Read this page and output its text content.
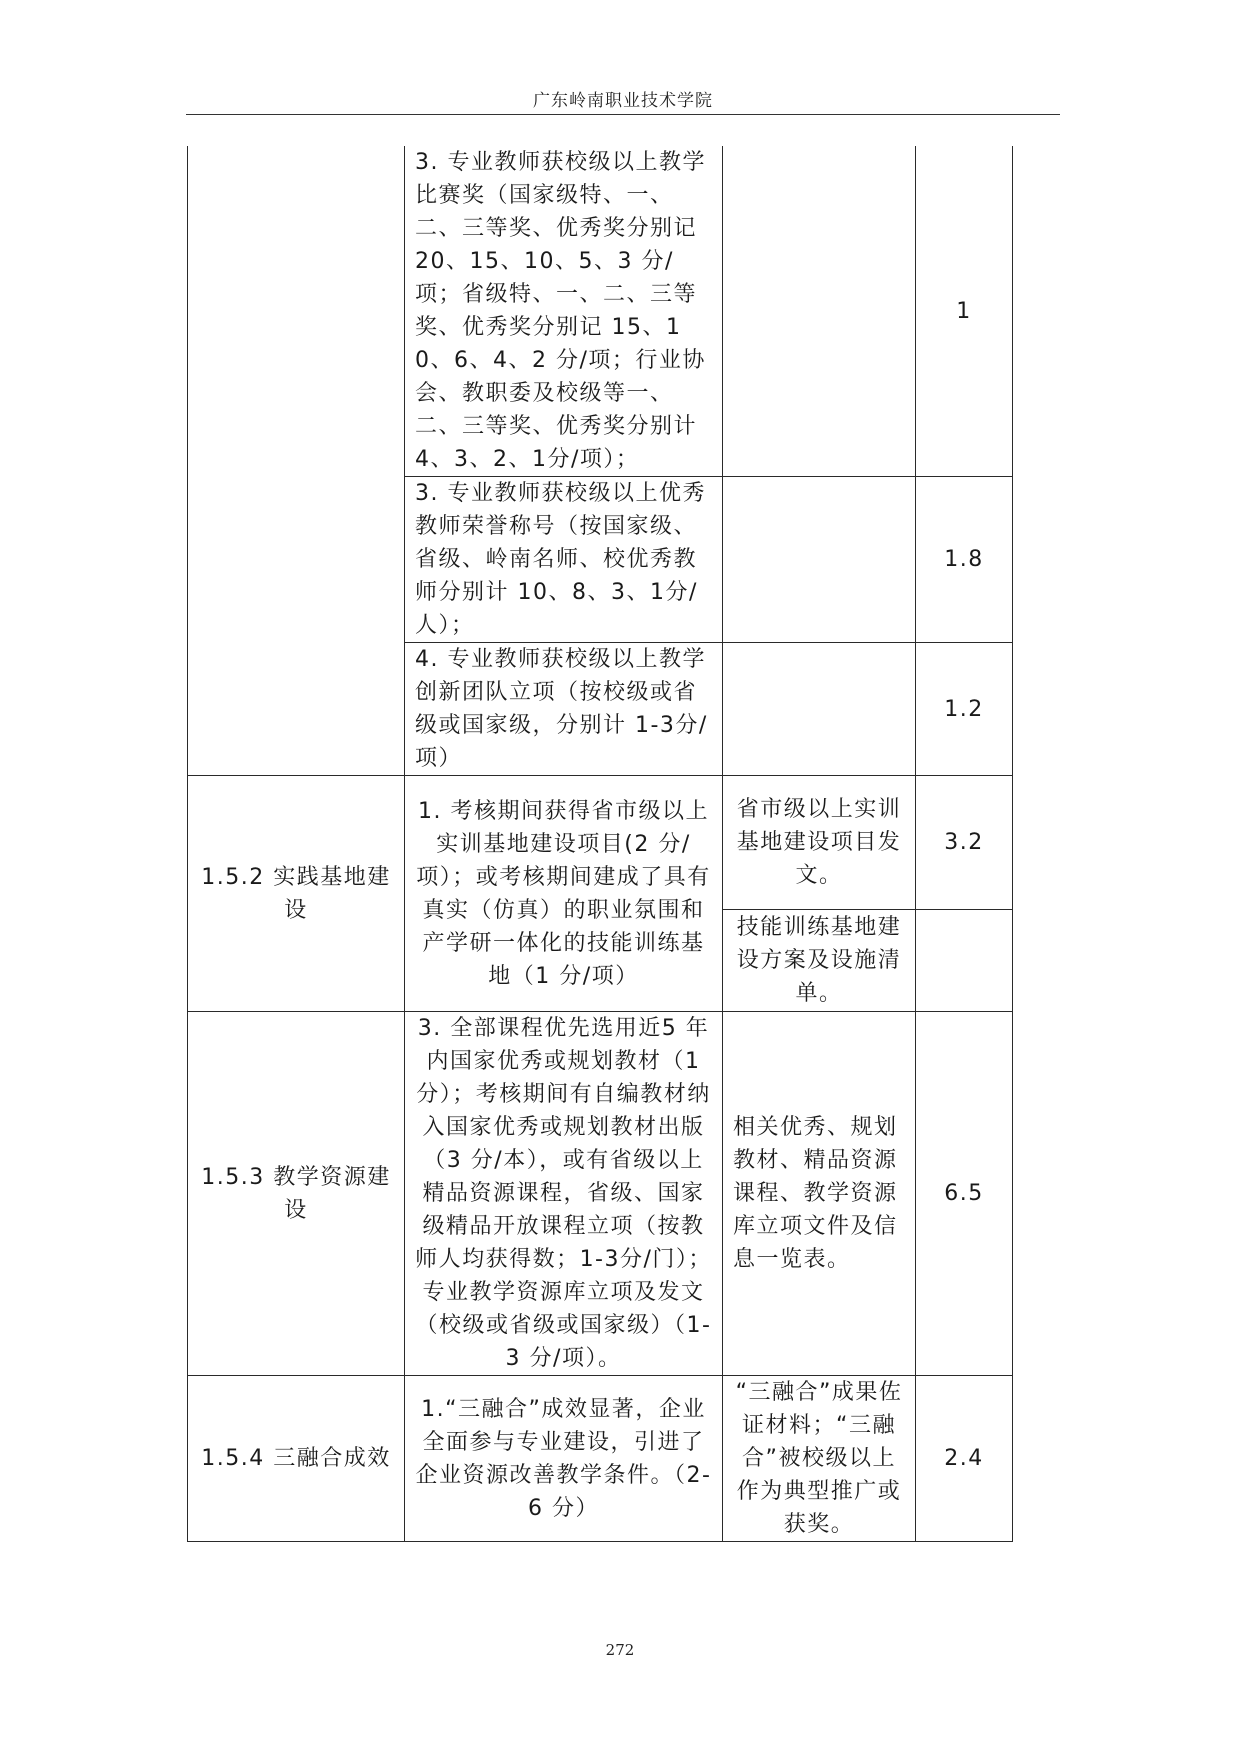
广东岭南职业技术学院
	3. 专业教师获校级以上教学比赛奖（国家级特、一、二、三等奖、优秀奖分别记20、15、10、5、3 分/项；省级特、一、二、三等奖、优秀奖分别记 15、10、6、4、2 分/项；行业协会、教职委及校级等一、二、三等奖、优秀奖分别计 4、3、2、1分/项）；		1
	3. 专业教师获校级以上优秀教师荣誉称号（按国家级、省级、岭南名师、校优秀教师分别计 10、8、3、1分/人）；		1.8
	4. 专业教师获校级以上教学创新团队立项（按校级或省级或国家级，分别计 1-3分/项）		1.2
1.5.2 实践基地建设	1. 考核期间获得省市级以上实训基地建设项目(2 分/项）；或考核期间建成了具有真实（仿真）的职业氛围和产学研一体化的技能训练基地（1 分/项）	省市级以上实训基地建设项目发文。	3.2
		技能训练基地建设方案及设施清单。	
1.5.3 教学资源建设	3. 全部课程优先选用近5 年内国家优秀或规划教材（1分）；考核期间有自编教材纳入国家优秀或规划教材出版（3 分/本），或有省级以上精品资源课程，省级、国家级精品开放课程立项（按教师人均获得数；1-3分/门）；专业教学资源库立项及发文（校级或省级或国家级）（1-3 分/项）。	相关优秀、规划教材、精品资源课程、教学资源库立项文件及信息一览表。	6.5
1.5.4 三融合成效	1.“三融合”成效显著，企业全面参与专业建设，引进了企业资源改善教学条件。（2-6 分）	“三融合”成果佐证材料；“三融合”被校级以上作为典型推广或获奖。	2.4
272
